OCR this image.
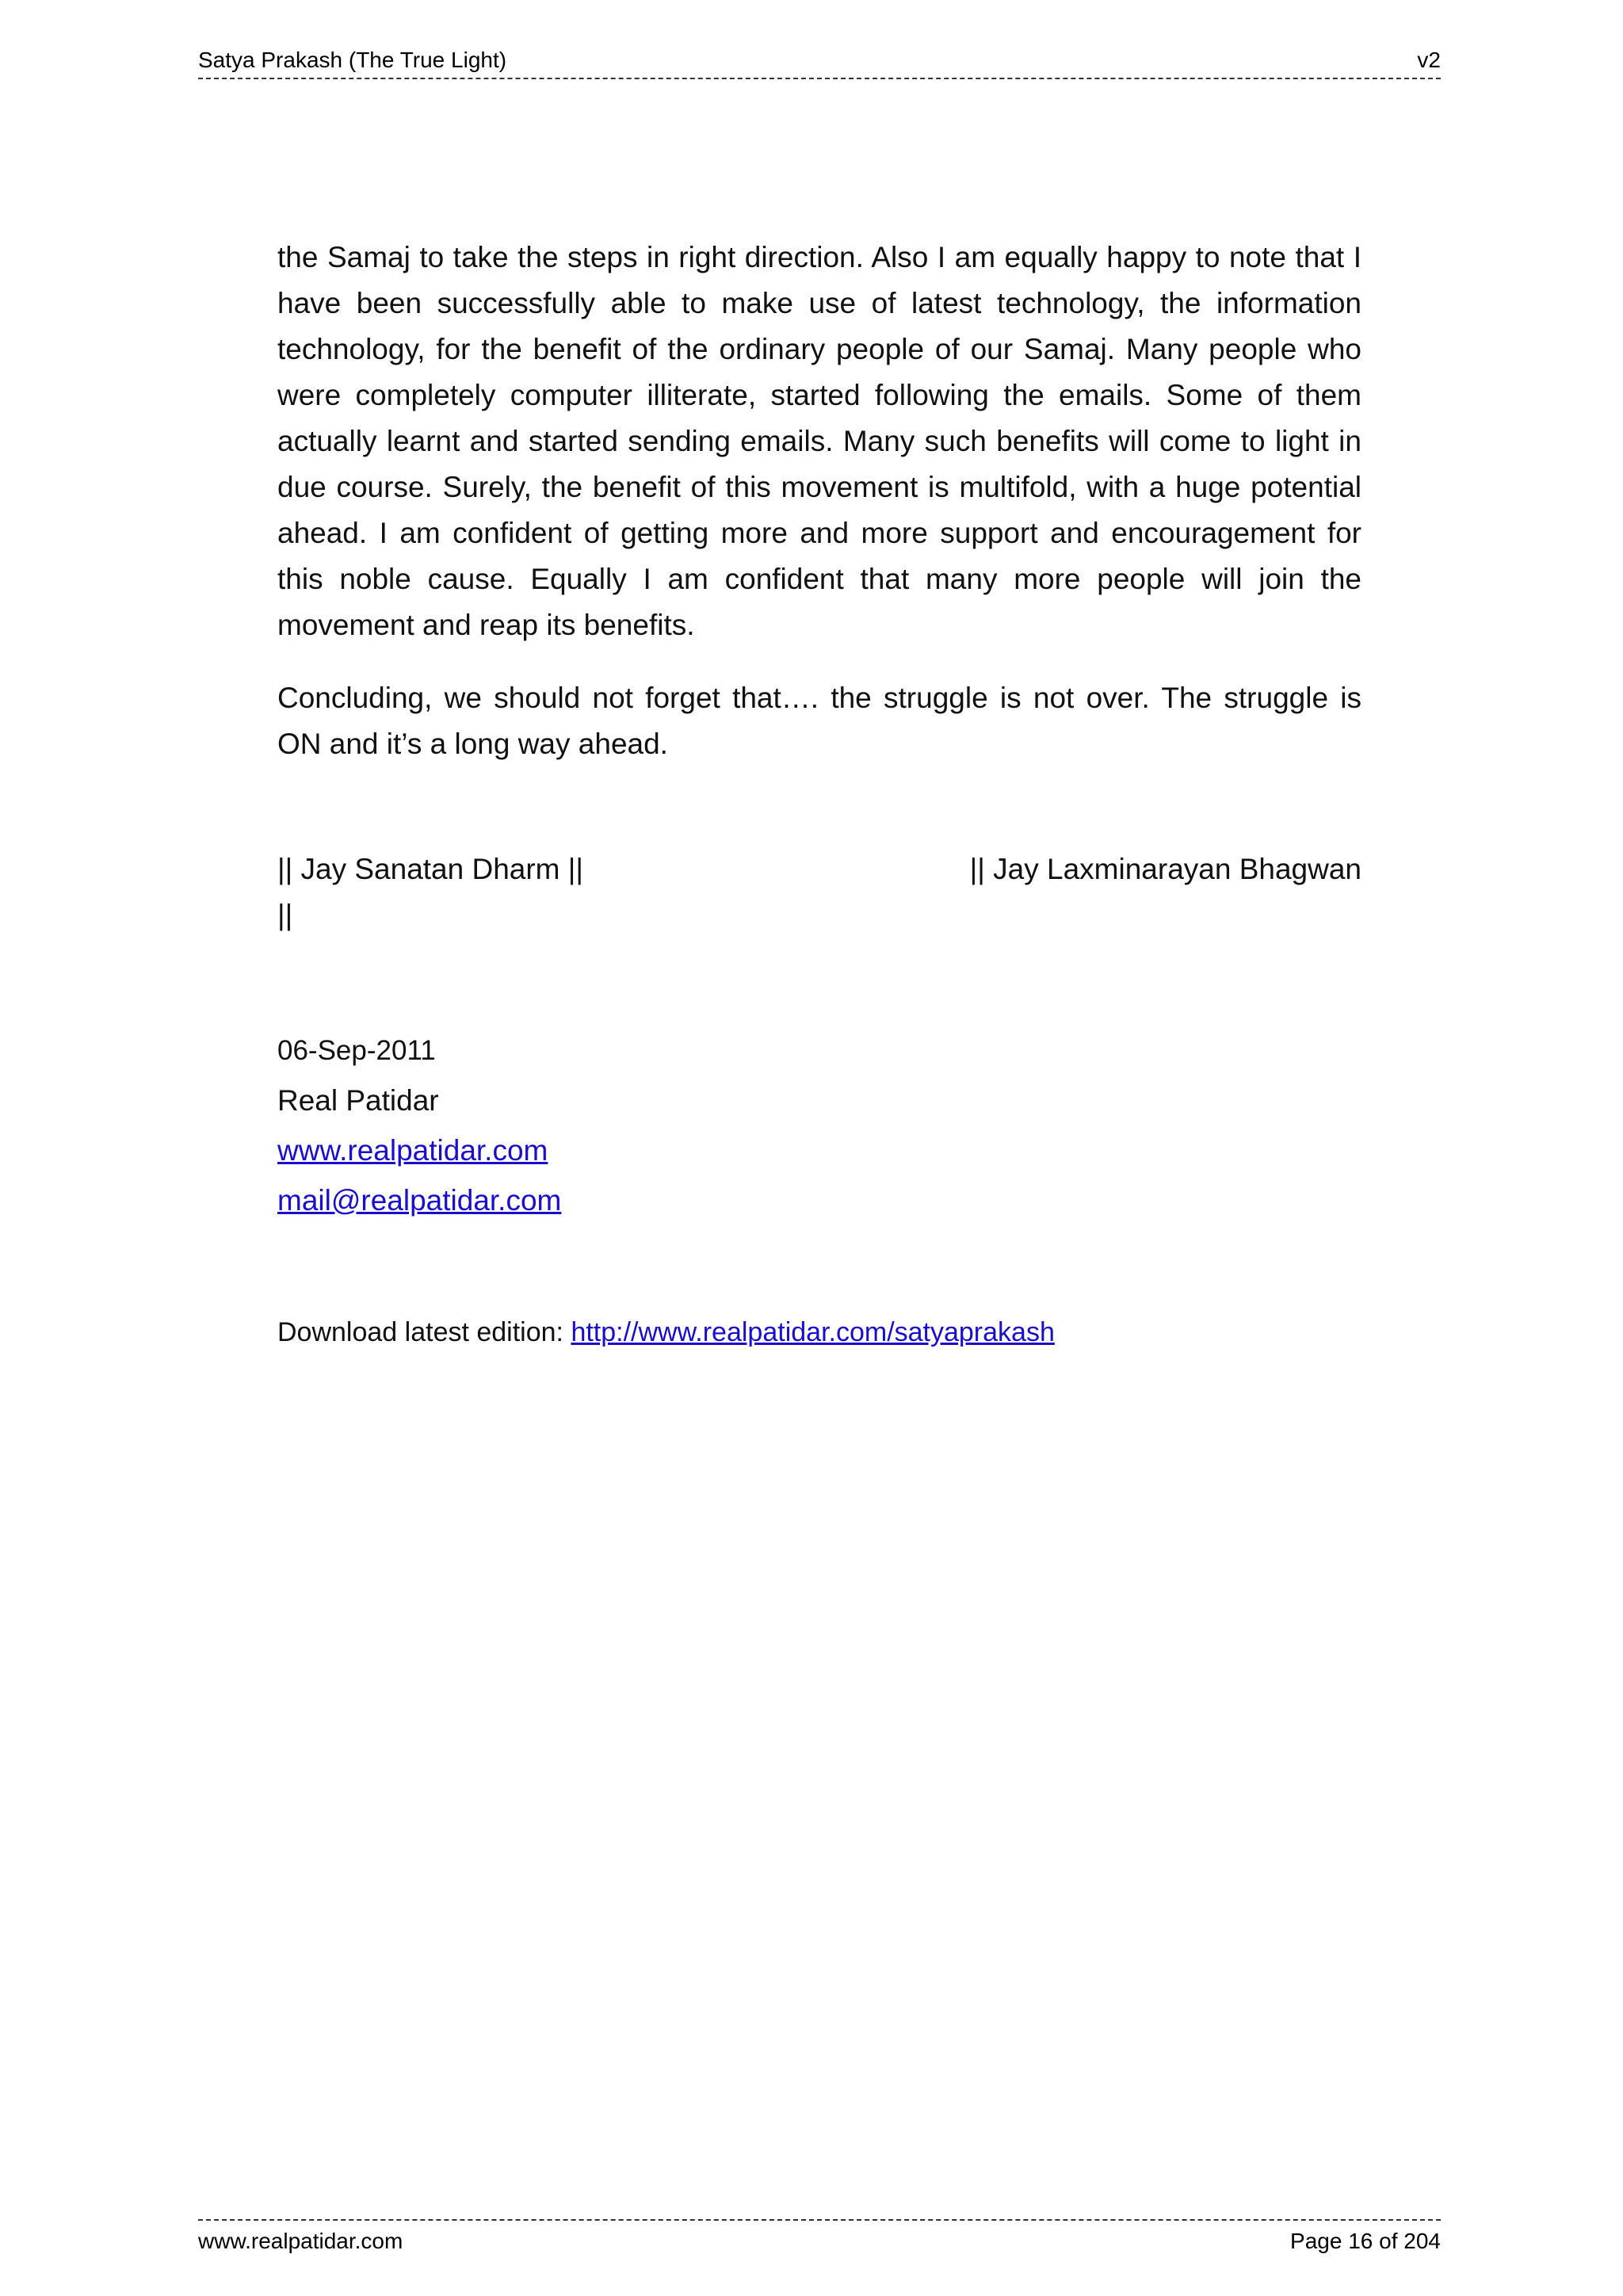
Satya Prakash (The True Light)	v2

the Samaj to take the steps in right direction. Also I am equally happy to note that I have been successfully able to make use of latest technology, the information technology, for the benefit of the ordinary people of our Samaj. Many people who were completely computer illiterate, started following the emails. Some of them actually learnt and started sending emails. Many such benefits will come to light in due course. Surely, the benefit of this movement is multifold, with a huge potential ahead. I am confident of getting more and more support and encouragement for this noble cause. Equally I am confident that many more people will join the movement and reap its benefits.

Concluding, we should not forget that…. the struggle is not over. The struggle is ON and it’s a long way ahead.

|| Jay Sanatan Dharm ||	|| Jay Laxminarayan Bhagwan
||
06-Sep-2011
Real Patidar
www.realpatidar.com
mail@realpatidar.com
Download latest edition: http://www.realpatidar.com/satyaprakash
www.realpatidar.com	Page 16 of 204
